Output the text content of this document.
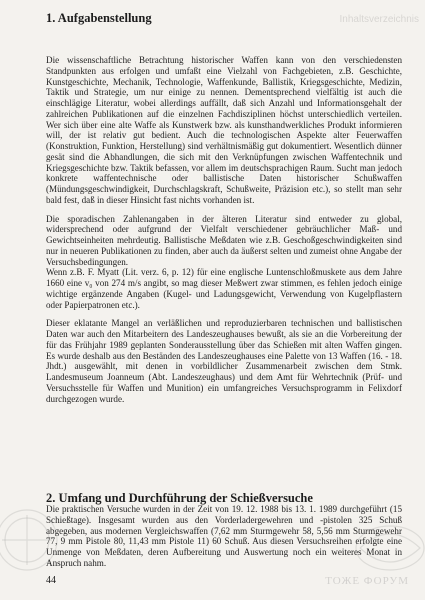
Inhaltsverzeichnis
1. Aufgabenstellung

Die wissenschaftliche Betrachtung historischer Waffen kann von den verschiedensten Standpunkten aus erfolgen und umfaßt eine Vielzahl von Fachgebieten, z.B. Geschichte, Kunstgeschichte, Mechanik, Technologie, Waffenkunde, Ballistik, Kriegsgeschichte, Medizin, Taktik und Strategie, um nur einige zu nennen. Dementsprechend vielfältig ist auch die einschlägige Literatur, wobei allerdings auffällt, daß sich Anzahl und Informationsgehalt der zahlreichen Publikationen auf die einzelnen Fachdisziplinen höchst unterschiedlich verteilen. Wer sich über eine alte Waffe als Kunstwerk bzw. als kunsthandwerkliches Produkt informieren will, der ist relativ gut bedient. Auch die technologischen Aspekte alter Feuerwaffen (Konstruktion, Funktion, Herstellung) sind verhältnismäßig gut dokumentiert. Wesentlich dünner gesät sind die Abhandlungen, die sich mit den Verknüpfungen zwischen Waffentechnik und Kriegsgeschichte bzw. Taktik befassen, vor allem im deutschsprachigen Raum. Sucht man jedoch konkrete waffentechnische oder ballistische Daten historischer Schußwaffen (Mündungsgeschwindigkeit, Durchschlagskraft, Schußweite, Präzision etc.), so stellt man sehr bald fest, daß in dieser Hinsicht fast nichts vorhanden ist.

Die sporadischen Zahlenangaben in der älteren Literatur sind entweder zu global, widersprechend oder aufgrund der Vielfalt verschiedener gebräuchlicher Maß- und Gewichtseinheiten mehrdeutig. Ballistische Meßdaten wie z.B. Geschoßgeschwindigkeiten sind nur in neueren Publikationen zu finden, aber auch da äußerst selten und zumeist ohne Angabe der Versuchsbedingungen.

Wenn z.B. F. Myatt (Lit. verz. 6, p. 12) für eine englische Luntenschloßmuskete aus dem Jahre 1660 eine v₀ von 274 m/s angibt, so mag dieser Meßwert zwar stimmen, es fehlen jedoch einige wichtige ergänzende Angaben (Kugel- und Ladungsgewicht, Verwendung von Kugelpflastern oder Papierpatronen etc.).

Dieser eklatante Mangel an verläßlichen und reproduzierbaren technischen und ballistischen Daten war auch den Mitarbeitern des Landeszeughauses bewußt, als sie an die Vorbereitung der für das Frühjahr 1989 geplanten Sonderausstellung über das Schießen mit alten Waffen gingen. Es wurde deshalb aus den Beständen des Landeszeughauses eine Palette von 13 Waffen (16. - 18. Jhdt.) ausgewählt, mit denen in vorbildlicher Zusammenarbeit zwischen dem Stmk. Landesmuseum Joanneum (Abt. Landeszeughaus) und dem Amt für Wehrtechnik (Prüf- und Versuchsstelle für Waffen und Munition) ein umfangreiches Versuchsprogramm in Felixdorf durchgezogen wurde.

2. Umfang und Durchführung der Schießversuche

Die praktischen Versuche wurden in der Zeit von 19. 12. 1988 bis 13. 1. 1989 durchgeführt (15 Schießtage). Insgesamt wurden aus den Vorderladergewehren und -pistolen 325 Schuß abgegeben, aus modernen Vergleichswaffen (7,62 mm Sturmgewehr 58, 5,56 mm Sturmgewehr 77, 9 mm Pistole 80, 11,43 mm Pistole 11) 60 Schuß. Aus diesen Versuchsreihen erfolgte eine Unmenge von Meßdaten, deren Aufbereitung und Auswertung noch ein weiteres Monat in Anspruch nahm.

44	ТОЖЕ ФОРУМ
